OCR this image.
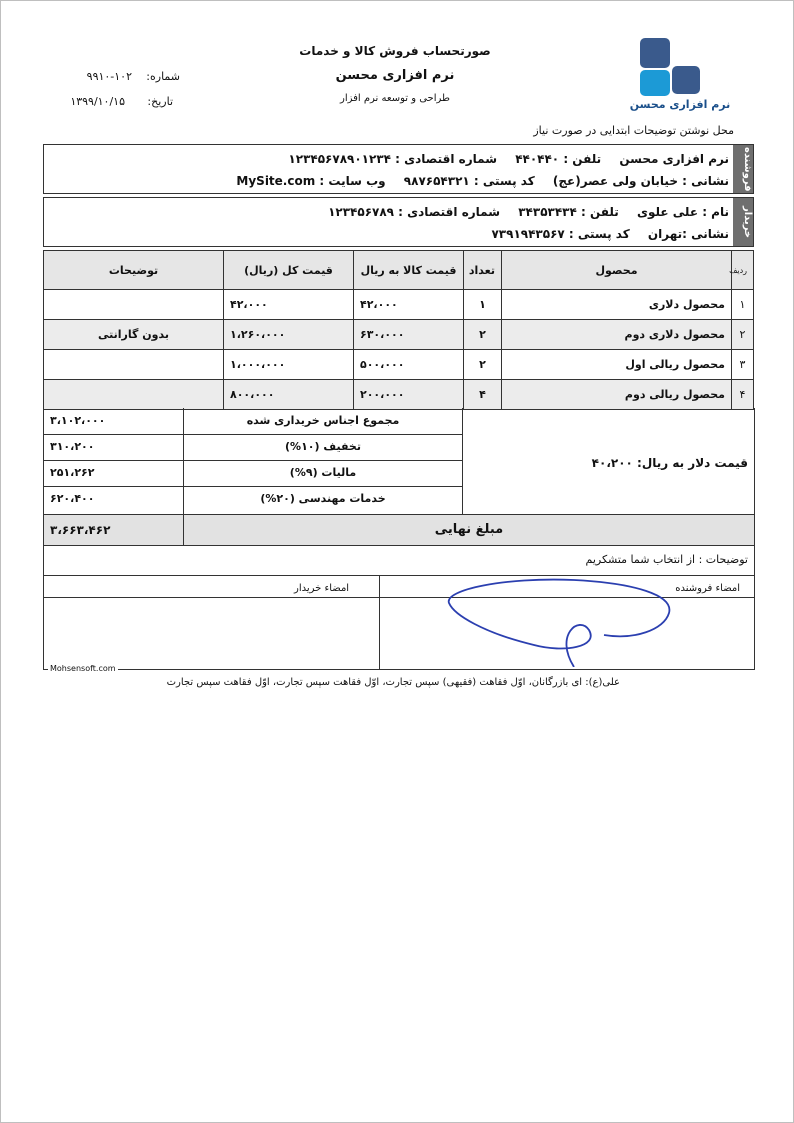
صورتحساب فروش کالا و خدمات
نرم افزاری محسن
طراحی و توسعه نرم افزار
شماره:
۹۹۱۰-۱۰۲
تاریخ:
۱۳۹۹/۱۰/۱۵	نرم افزاری محسن
محل نوشتن توضیحات ابتدایی در صورت نیاز
فروشنده
نرم افزاری محسن تلفن : ۴۴۰۴۴۰ شماره اقتصادی : ۱۲۳۴۵۶۷۸۹۰۱۲۳۴
نشانی : خیابان ولی عصر(عج) کد پستی : ۹۸۷۶۵۴۳۲۱ وب سایت : MySite.com
خریدار
نام : علی علوی تلفن : ۳۴۳۵۳۴۳۴ شماره اقتصادی : ۱۲۳۴۵۶۷۸۹
نشانی :تهران کد پستی : ۷۳۹۱۹۴۳۵۶۷
ردیف	محصول	تعداد	قیمت کالا به ریال	قیمت کل (ریال)	توضیحات
۱	محصول دلاری	۱	۴۲،۰۰۰	۴۲،۰۰۰	
۲	محصول دلاری دوم	۲	۶۳۰،۰۰۰	۱،۲۶۰،۰۰۰	بدون گارانتی
۳	محصول ریالی اول	۲	۵۰۰،۰۰۰	۱،۰۰۰،۰۰۰	
۴	محصول ریالی دوم	۴	۲۰۰،۰۰۰	۸۰۰،۰۰۰	
۳،۱۰۲،۰۰۰	مجموع اجناس خریداری شده
۳۱۰،۲۰۰	تخفیف (۱۰%)
۲۵۱،۲۶۲	مالیات (۹%)
۶۲۰،۴۰۰	خدمات مهندسی (۲۰%)
قیمت دلار به ریال: ۴۰،۲۰۰
۳،۶۶۳،۴۶۲	مبلغ نهایی
توضیحات : از انتخاب شما متشکریم
امضاء فروشنده
امضاء خریدار
Mohsensoft.com
علی(ع): ای بازرگانان، اوّل فقاهت (فقیهی) سپس تجارت، اوّل فقاهت سپس تجارت، اوّل فقاهت سپس تجارت
